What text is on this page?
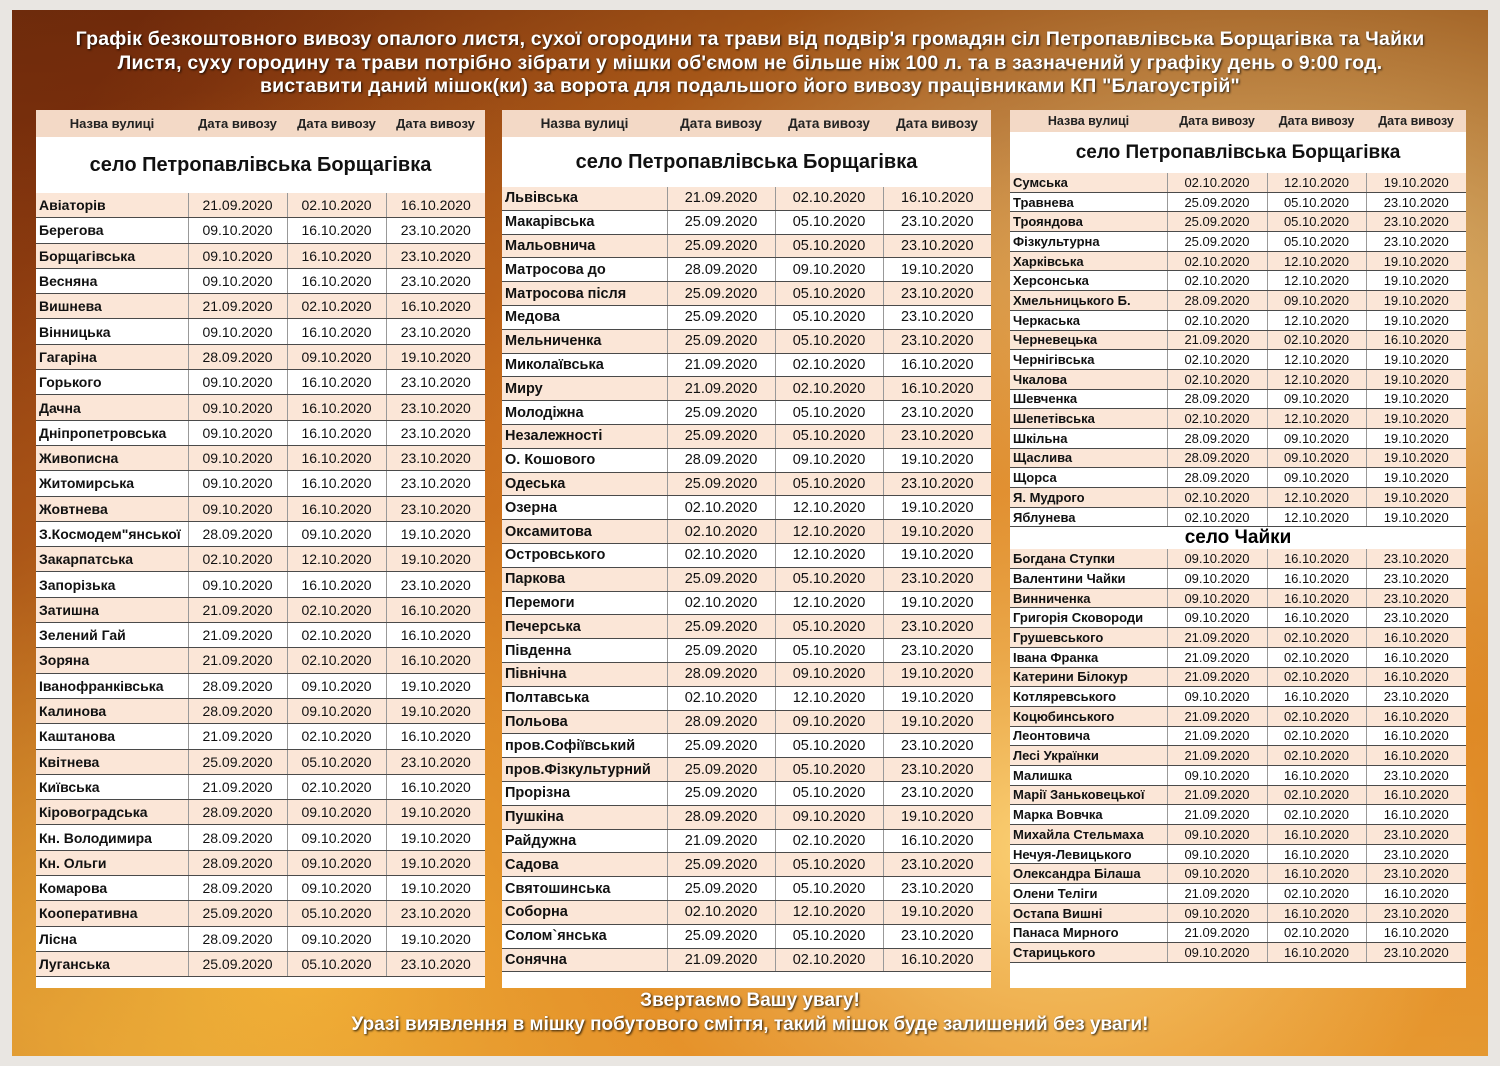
Графік безкоштовного вивозу опалого листя, сухої огородини та трави від подвір'я громадян сіл Петропавлівська Борщагівка та Чайки
Листя, суху городину та трави потрібно зібрати у мішки об'ємом не більше ніж 100 л. та в зазначений у графіку день о 9:00 год.
виставити даний мішок(ки) за ворота для подальшого його вивозу працівниками КП "Благоустрій"
Назва вулиці	Дата вивозу	Дата вивозу	Дата вивозу
село Петропавлівська Борщагівка			
Авіаторів	21.09.2020	02.10.2020	16.10.2020
Берегова	09.10.2020	16.10.2020	23.10.2020
Борщагівська	09.10.2020	16.10.2020	23.10.2020
Весняна	09.10.2020	16.10.2020	23.10.2020
Вишнева	21.09.2020	02.10.2020	16.10.2020
Вінницька	09.10.2020	16.10.2020	23.10.2020
Гагаріна	28.09.2020	09.10.2020	19.10.2020
Горького	09.10.2020	16.10.2020	23.10.2020
Дачна	09.10.2020	16.10.2020	23.10.2020
Дніпропетровська	09.10.2020	16.10.2020	23.10.2020
Живописна	09.10.2020	16.10.2020	23.10.2020
Житомирська	09.10.2020	16.10.2020	23.10.2020
Жовтнева	09.10.2020	16.10.2020	23.10.2020
З.Космодем"янської	28.09.2020	09.10.2020	19.10.2020
Закарпатська	02.10.2020	12.10.2020	19.10.2020
Запорізька	09.10.2020	16.10.2020	23.10.2020
Затишна	21.09.2020	02.10.2020	16.10.2020
Зелений Гай	21.09.2020	02.10.2020	16.10.2020
Зоряна	21.09.2020	02.10.2020	16.10.2020
Іванофранківська	28.09.2020	09.10.2020	19.10.2020
Калинова	28.09.2020	09.10.2020	19.10.2020
Каштанова	21.09.2020	02.10.2020	16.10.2020
Квітнева	25.09.2020	05.10.2020	23.10.2020
Київська	21.09.2020	02.10.2020	16.10.2020
Кіровоградська	28.09.2020	09.10.2020	19.10.2020
Кн. Володимира	28.09.2020	09.10.2020	19.10.2020
Кн. Ольги	28.09.2020	09.10.2020	19.10.2020
Комарова	28.09.2020	09.10.2020	19.10.2020
Кооперативна	25.09.2020	05.10.2020	23.10.2020
Лісна	28.09.2020	09.10.2020	19.10.2020
Луганська	25.09.2020	05.10.2020	23.10.2020
Назва вулиці	Дата вивозу	Дата вивозу	Дата вивозу
село Петропавлівська Борщагівка			
Львівська	21.09.2020	02.10.2020	16.10.2020
Макарівська	25.09.2020	05.10.2020	23.10.2020
Мальовнича	25.09.2020	05.10.2020	23.10.2020
Матросова до	28.09.2020	09.10.2020	19.10.2020
Матросова після	25.09.2020	05.10.2020	23.10.2020
Медова	25.09.2020	05.10.2020	23.10.2020
Мельниченка	25.09.2020	05.10.2020	23.10.2020
Миколаївська	21.09.2020	02.10.2020	16.10.2020
Миру	21.09.2020	02.10.2020	16.10.2020
Молодіжна	25.09.2020	05.10.2020	23.10.2020
Незалежності	25.09.2020	05.10.2020	23.10.2020
О. Кошового	28.09.2020	09.10.2020	19.10.2020
Одеська	25.09.2020	05.10.2020	23.10.2020
Озерна	02.10.2020	12.10.2020	19.10.2020
Оксамитова	02.10.2020	12.10.2020	19.10.2020
Островського	02.10.2020	12.10.2020	19.10.2020
Паркова	25.09.2020	05.10.2020	23.10.2020
Перемоги	02.10.2020	12.10.2020	19.10.2020
Печерська	25.09.2020	05.10.2020	23.10.2020
Південна	25.09.2020	05.10.2020	23.10.2020
Північна	28.09.2020	09.10.2020	19.10.2020
Полтавська	02.10.2020	12.10.2020	19.10.2020
Польова	28.09.2020	09.10.2020	19.10.2020
пров.Софіївський	25.09.2020	05.10.2020	23.10.2020
пров.Фізкультурний	25.09.2020	05.10.2020	23.10.2020
Прорізна	25.09.2020	05.10.2020	23.10.2020
Пушкіна	28.09.2020	09.10.2020	19.10.2020
Райдужна	21.09.2020	02.10.2020	16.10.2020
Садова	25.09.2020	05.10.2020	23.10.2020
Святошинська	25.09.2020	05.10.2020	23.10.2020
Соборна	02.10.2020	12.10.2020	19.10.2020
Солом`янська	25.09.2020	05.10.2020	23.10.2020
Сонячна	21.09.2020	02.10.2020	16.10.2020
Назва вулиці	Дата вивозу	Дата вивозу	Дата вивозу
село Петропавлівська Борщагівка			
Сумська	02.10.2020	12.10.2020	19.10.2020
Травнева	25.09.2020	05.10.2020	23.10.2020
Трояндова	25.09.2020	05.10.2020	23.10.2020
Фізкультурна	25.09.2020	05.10.2020	23.10.2020
Харківська	02.10.2020	12.10.2020	19.10.2020
Херсонська	02.10.2020	12.10.2020	19.10.2020
Хмельницького Б.	28.09.2020	09.10.2020	19.10.2020
Черкаська	02.10.2020	12.10.2020	19.10.2020
Черневецька	21.09.2020	02.10.2020	16.10.2020
Чернігівська	02.10.2020	12.10.2020	19.10.2020
Чкалова	02.10.2020	12.10.2020	19.10.2020
Шевченка	28.09.2020	09.10.2020	19.10.2020
Шепетівська	02.10.2020	12.10.2020	19.10.2020
Шкільна	28.09.2020	09.10.2020	19.10.2020
Щаслива	28.09.2020	09.10.2020	19.10.2020
Щорса	28.09.2020	09.10.2020	19.10.2020
Я. Мудрого	02.10.2020	12.10.2020	19.10.2020
Яблунева	02.10.2020	12.10.2020	19.10.2020
село Чайки			
Богдана Ступки	09.10.2020	16.10.2020	23.10.2020
Валентини Чайки	09.10.2020	16.10.2020	23.10.2020
Винниченка	09.10.2020	16.10.2020	23.10.2020
Григорія Сковороди	09.10.2020	16.10.2020	23.10.2020
Грушевського	21.09.2020	02.10.2020	16.10.2020
Івана Франка	21.09.2020	02.10.2020	16.10.2020
Катерини Білокур	21.09.2020	02.10.2020	16.10.2020
Котляревського	09.10.2020	16.10.2020	23.10.2020
Коцюбинського	21.09.2020	02.10.2020	16.10.2020
Леонтовича	21.09.2020	02.10.2020	16.10.2020
Лесі Українки	21.09.2020	02.10.2020	16.10.2020
Малишка	09.10.2020	16.10.2020	23.10.2020
Марії Заньковецької	21.09.2020	02.10.2020	16.10.2020
Марка Вовчка	21.09.2020	02.10.2020	16.10.2020
Михайла Стельмаха	09.10.2020	16.10.2020	23.10.2020
Нечуя-Левицького	09.10.2020	16.10.2020	23.10.2020
Олександра Білаша	09.10.2020	16.10.2020	23.10.2020
Олени Теліги	21.09.2020	02.10.2020	16.10.2020
Остапа Вишні	09.10.2020	16.10.2020	23.10.2020
Панаса Мирного	21.09.2020	02.10.2020	16.10.2020
Старицького	09.10.2020	16.10.2020	23.10.2020
Звертаємо Вашу увагу!
Уразі виявлення в мішку побутового сміття, такий мішок буде залишений без уваги!
